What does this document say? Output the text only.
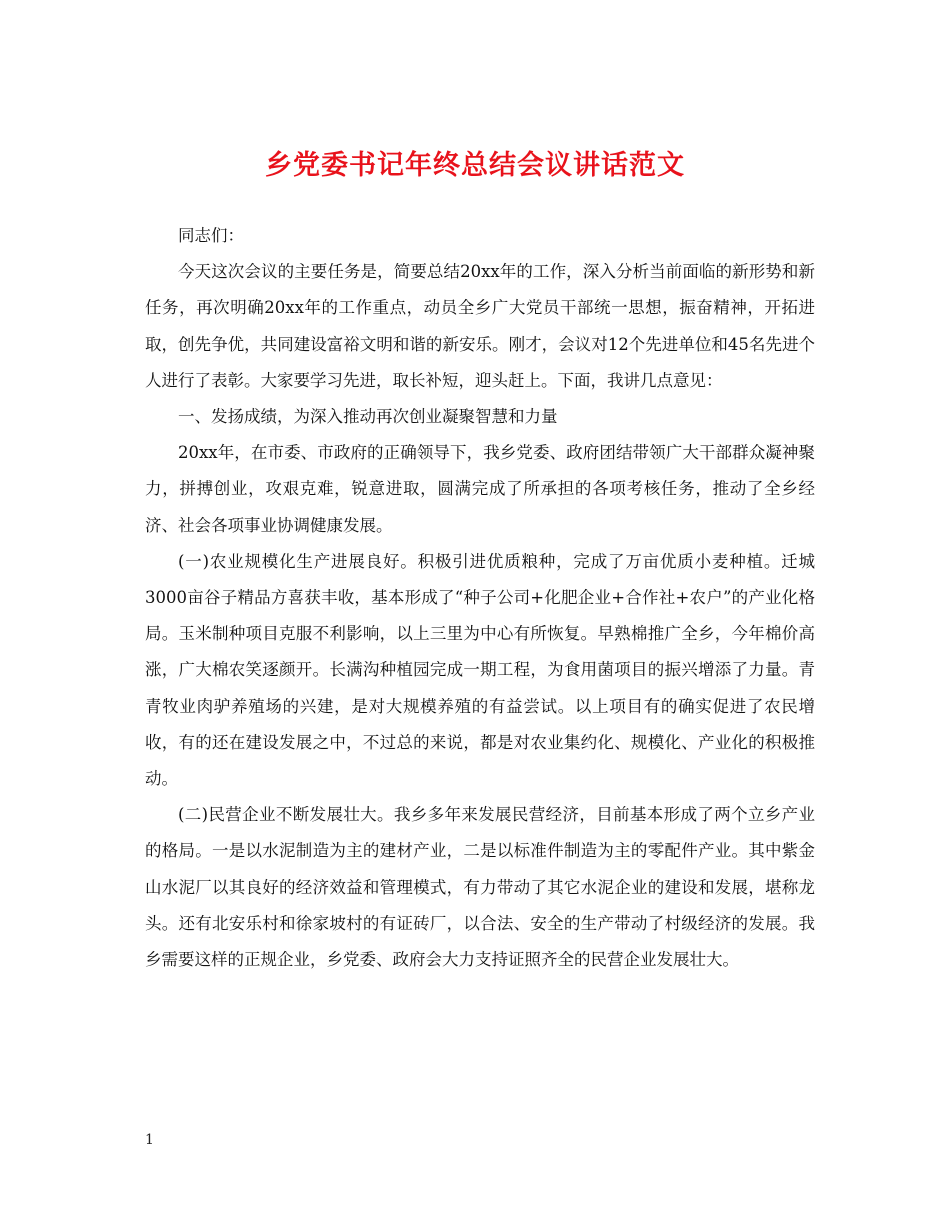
乡党委书记年终总结会议讲话范文

同志们：

今天这次会议的主要任务是，简要总结20xx年的工作，深入分析当前面临的新形势和新任务，再次明确20xx年的工作重点，动员全乡广大党员干部统一思想，振奋精神，开拓进取，创先争优，共同建设富裕文明和谐的新安乐。刚才，会议对12个先进单位和45名先进个人进行了表彰。大家要学习先进，取长补短，迎头赶上。下面，我讲几点意见：

一、发扬成绩，为深入推动再次创业凝聚智慧和力量

20xx年，在市委、市政府的正确领导下，我乡党委、政府团结带领广大干部群众凝神聚力，拼搏创业，攻艰克难，锐意进取，圆满完成了所承担的各项考核任务，推动了全乡经济、社会各项事业协调健康发展。

(一)农业规模化生产进展良好。积极引进优质粮种，完成了万亩优质小麦种植。迁城3000亩谷子精品方喜获丰收，基本形成了“种子公司+化肥企业+合作社+农户”的产业化格局。玉米制种项目克服不利影响，以上三里为中心有所恢复。早熟棉推广全乡，今年棉价高涨，广大棉农笑逐颜开。长满沟种植园完成一期工程，为食用菌项目的振兴增添了力量。青青牧业肉驴养殖场的兴建，是对大规模养殖的有益尝试。以上项目有的确实促进了农民增收，有的还在建设发展之中，不过总的来说，都是对农业集约化、规模化、产业化的积极推动。

(二)民营企业不断发展壮大。我乡多年来发展民营经济，目前基本形成了两个立乡产业的格局。一是以水泥制造为主的建材产业，二是以标准件制造为主的零配件产业。其中紫金山水泥厂以其良好的经济效益和管理模式，有力带动了其它水泥企业的建设和发展，堪称龙头。还有北安乐村和徐家坡村的有证砖厂，以合法、安全的生产带动了村级经济的发展。我乡需要这样的正规企业，乡党委、政府会大力支持证照齐全的民营企业发展壮大。

1
